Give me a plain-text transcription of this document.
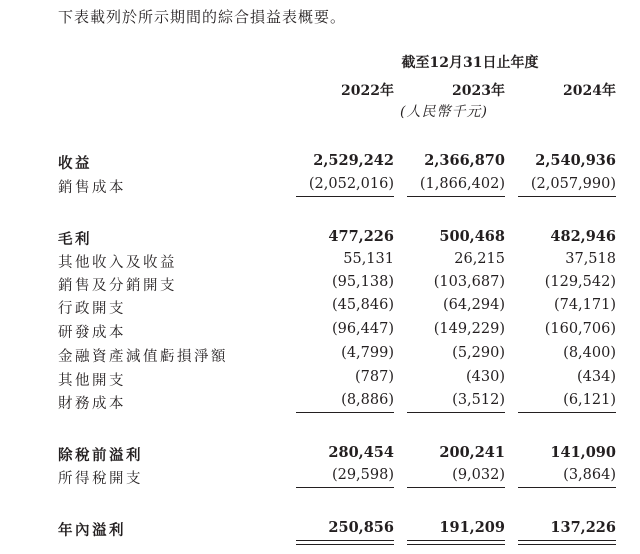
下表載列於所示期間的綜合損益表概要。
截至12月31日止年度
2022年	2023年	2024年
(人民幣千元)
收益	2,529,242	2,366,870	2,540,936
銷售成本	(2,052,016)	(1,866,402)	(2,057,990)
毛利	477,226	500,468	482,946
其他收入及收益	55,131	26,215	37,518
銷售及分銷開支	(95,138)	(103,687)	(129,542)
行政開支	(45,846)	(64,294)	(74,171)
研發成本	(96,447)	(149,229)	(160,706)
金融資產減值虧損淨額	(4,799)	(5,290)	(8,400)
其他開支	(787)	(430)	(434)
財務成本	(8,886)	(3,512)	(6,121)
除稅前溢利	280,454	200,241	141,090
所得稅開支	(29,598)	(9,032)	(3,864)
年內溢利	250,856	191,209	137,226
